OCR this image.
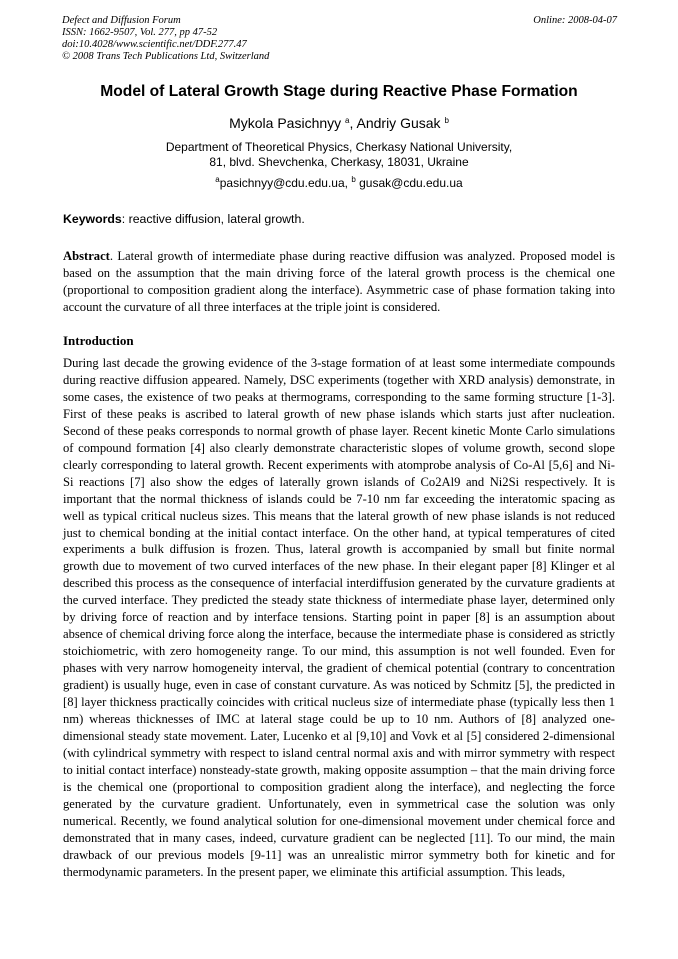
Defect and Diffusion Forum
ISSN: 1662-9507, Vol. 277, pp 47-52
doi:10.4028/www.scientific.net/DDF.277.47
© 2008 Trans Tech Publications Ltd, Switzerland
Online: 2008-04-07
Model of Lateral Growth Stage during Reactive Phase Formation
Mykola Pasichnyy $^a$, Andriy Gusak $^b$
Department of Theoretical Physics, Cherkasy National University,
81, blvd. Shevchenka, Cherkasy, 18031, Ukraine
$^a$pasichnyy@cdu.edu.ua, $^b$ gusak@cdu.edu.ua
Keywords: reactive diffusion, lateral growth.
Abstract. Lateral growth of intermediate phase during reactive diffusion was analyzed. Proposed model is based on the assumption that the main driving force of the lateral growth process is the chemical one (proportional to composition gradient along the interface). Asymmetric case of phase formation taking into account the curvature of all three interfaces at the triple joint is considered.
Introduction
During last decade the growing evidence of the 3-stage formation of at least some intermediate compounds during reactive diffusion appeared. Namely, DSC experiments (together with XRD analysis) demonstrate, in some cases, the existence of two peaks at thermograms, corresponding to the same forming structure [1-3]. First of these peaks is ascribed to lateral growth of new phase islands which starts just after nucleation. Second of these peaks corresponds to normal growth of phase layer. Recent kinetic Monte Carlo simulations of compound formation [4] also clearly demonstrate characteristic slopes of volume growth, second slope clearly corresponding to lateral growth. Recent experiments with atomprobe analysis of Co-Al [5,6] and Ni-Si reactions [7] also show the edges of laterally grown islands of Co2Al9 and Ni2Si respectively. It is important that the normal thickness of islands could be 7-10 nm far exceeding the interatomic spacing as well as typical critical nucleus sizes. This means that the lateral growth of new phase islands is not reduced just to chemical bonding at the initial contact interface. On the other hand, at typical temperatures of cited experiments a bulk diffusion is frozen. Thus, lateral growth is accompanied by small but finite normal growth due to movement of two curved interfaces of the new phase. In their elegant paper [8] Klinger et al described this process as the consequence of interfacial interdiffusion generated by the curvature gradients at the curved interface. They predicted the steady state thickness of intermediate phase layer, determined only by driving force of reaction and by interface tensions. Starting point in paper [8] is an assumption about absence of chemical driving force along the interface, because the intermediate phase is considered as strictly stoichiometric, with zero homogeneity range. To our mind, this assumption is not well founded. Even for phases with very narrow homogeneity interval, the gradient of chemical potential (contrary to concentration gradient) is usually huge, even in case of constant curvature. As was noticed by Schmitz [5], the predicted in [8] layer thickness practically coincides with critical nucleus size of intermediate phase (typically less then 1 nm) whereas thicknesses of IMC at lateral stage could be up to 10 nm. Authors of [8] analyzed one-dimensional steady state movement. Later, Lucenko et al [9,10] and Vovk et al [5] considered 2-dimensional (with cylindrical symmetry with respect to island central normal axis and with mirror symmetry with respect to initial contact interface) nonsteady-state growth, making opposite assumption – that the main driving force is the chemical one (proportional to composition gradient along the interface), and neglecting the force generated by the curvature gradient. Unfortunately, even in symmetrical case the solution was only numerical. Recently, we found analytical solution for one-dimensional movement under chemical force and demonstrated that in many cases, indeed, curvature gradient can be neglected [11]. To our mind, the main drawback of our previous models [9-11] was an unrealistic mirror symmetry both for kinetic and for thermodynamic parameters. In the present paper, we eliminate this artificial assumption. This leads,
